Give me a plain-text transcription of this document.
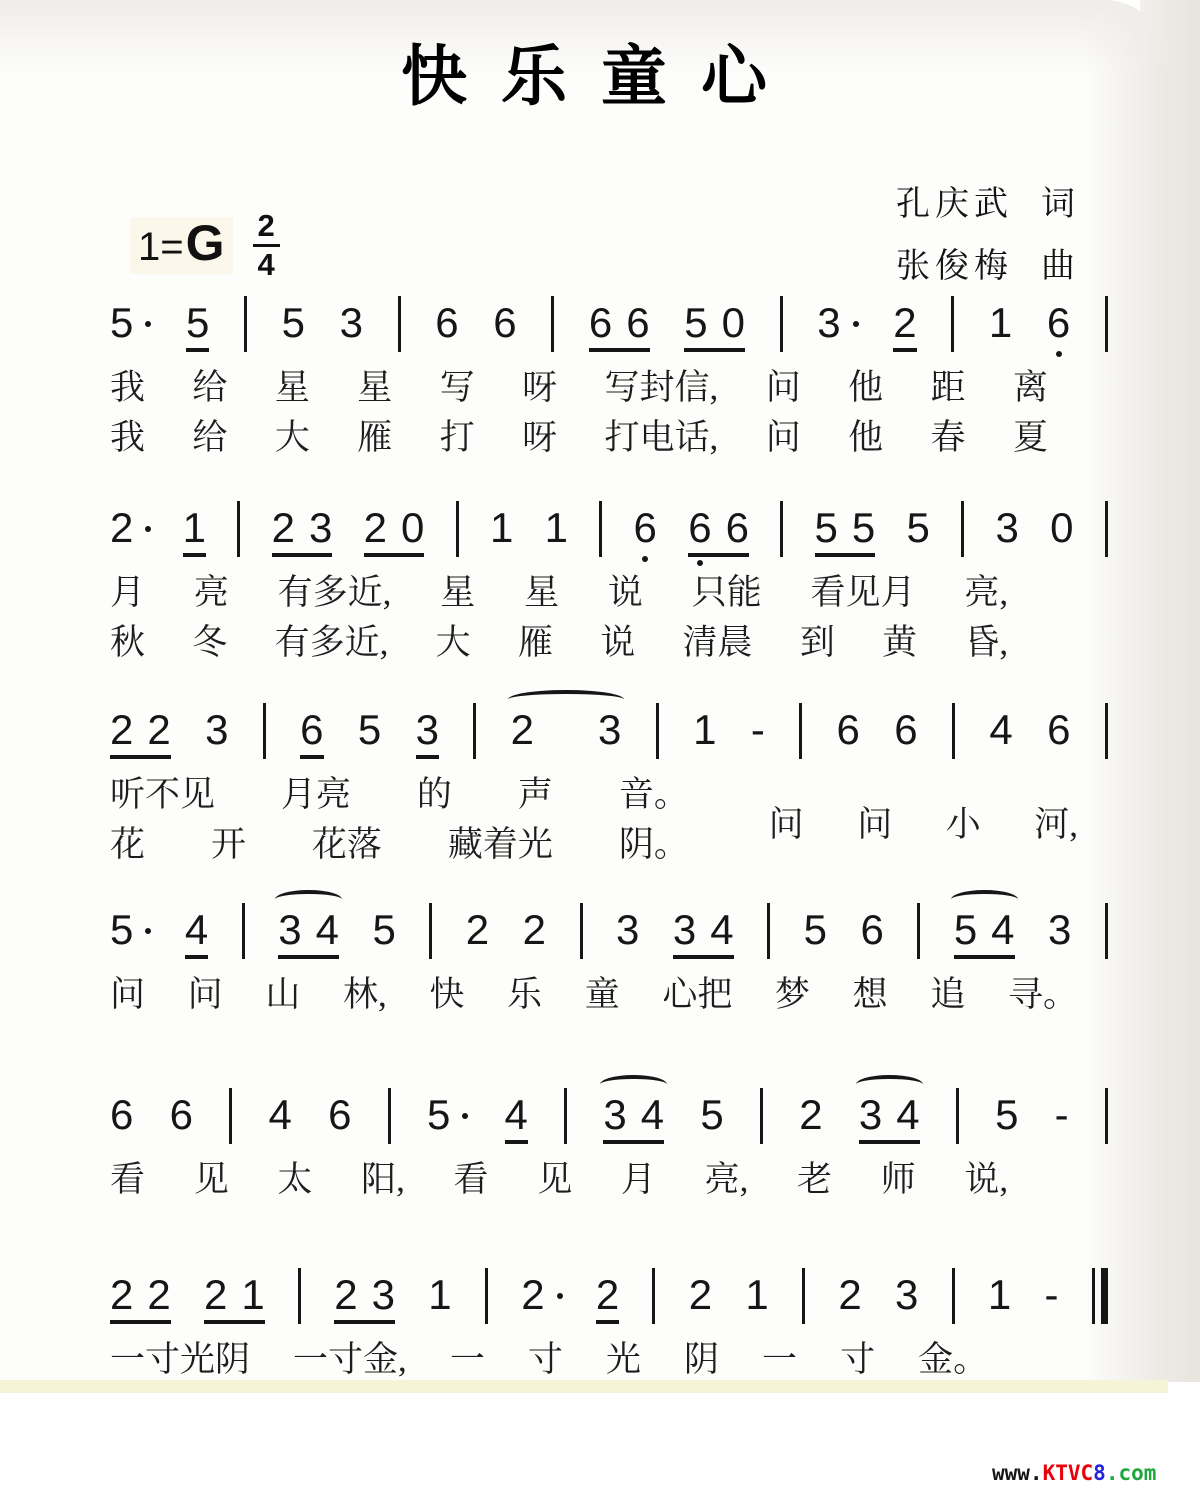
快乐童心
孔庆武 词
张俊梅 曲
1= G $\frac{2}{4}$
5 5 5 3 6 6 6 6 5 0 3 2 1 6
我 给 星 星 写 呀 写封信, 问 他 距 离
我 给 大 雁 打 呀 打电话, 问 他 春 夏
2 1 2 3 2 0 1 1 6 6 6 5 5 5 3 0
月 亮 有多近, 星 星 说 只能 看见月 亮,
秋 冬 有多近, 大 雁 说 清晨 到 黄 昏,
2 2 3 6 5 3 2 3 1 - 6 6 4 6
听不见 月亮 的 声 音。
花 开 花落 藏着光 阴。
问 问 小 河,
5 4 3 4 5 2 2 3 3 4 5 6 5 4 3
问 问 山 林, 快 乐 童 心把 梦 想 追 寻。
6 6 4 6 5 4 3 4 5 2 3 4 5 -
看 见 太 阳, 看 见 月 亮, 老 师 说,
2 2 2 1 2 3 1 2 2 2 1 2 3 1 -
一寸光阴 一寸金, 一 寸 光 阴 一 寸 金。
www.KTVC8.com
